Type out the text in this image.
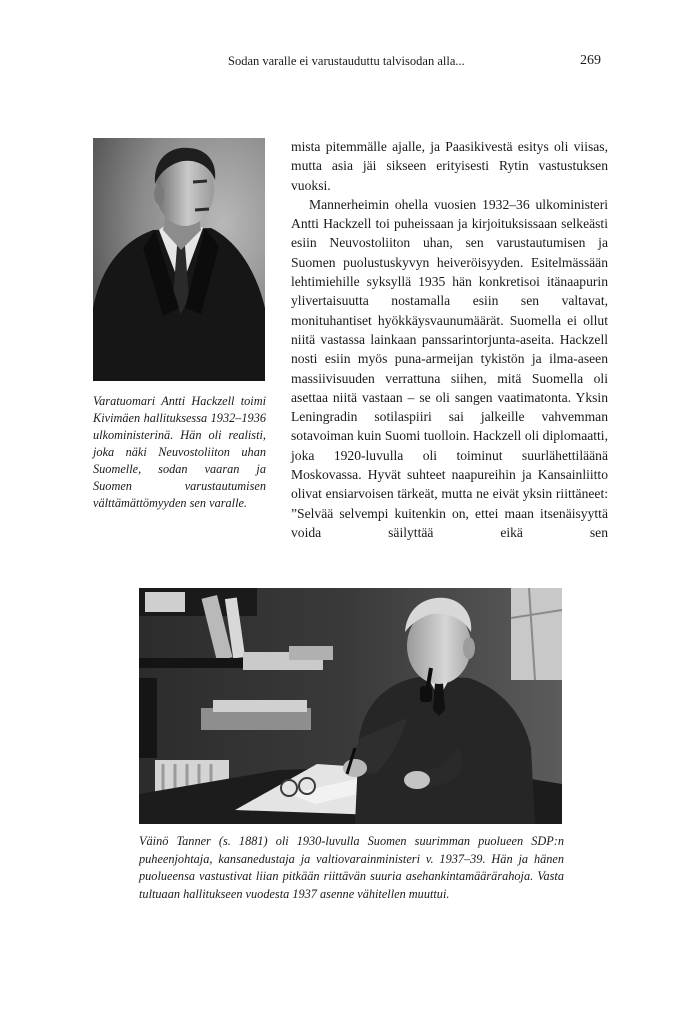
Sodan varalle ei varustauduttu talvisodan alla...	269
Varatuomari Antti Hackzell toimi Kivimäen hallituksessa 1932–1936 ulkoministerinä. Hän oli realisti, joka näki Neuvostoliiton uhan Suomelle, sodan vaaran ja Suomen varustautumisen välttämättömyyden sen varalle.

mista pitemmälle ajalle, ja Paasikivestä esitys oli viisas, mutta asia jäi sikseen erityisesti Rytin vastustuksen vuoksi.

Mannerheimin ohella vuosien 1932–36 ulkoministeri Antti Hackzell toi puheissaan ja kirjoituksissaan selkeästi esiin Neuvostoliiton uhan, sen varustautumisen ja Suomen puolustuskyvyn heiveröisyyden. Esitelmässään lehtimiehille syksyllä 1935 hän konkretisoi itänaapurin ylivertaisuutta nostamalla esiin sen valtavat, monituhantiset hyökkäysvaunumäärät. Suomella ei ollut niitä vastassa lainkaan panssarintorjunta-aseita. Hackzell nosti esiin myös puna-armeijan tykistön ja ilma-aseen massiivisuuden verrattuna siihen, mitä Suomella oli asettaa niitä vastaan – se oli sangen vaatimatonta. Yksin Leningradin sotilaspiiri sai jalkeille vahvemman sotavoiman kuin Suomi tuolloin. Hackzell oli diplomaatti, joka 1920-luvulla oli toiminut suurlähettiläänä Moskovassa. Hyvät suhteet naapureihin ja Kansainliitto olivat ensiarvoisen tärkeät, mutta ne eivät yksin riittäneet: ”Selvää selvempi kuitenkin on, ettei maan itsenäisyyttä voida säilyttää eikä sen

Väinö Tanner (s. 1881) oli 1930-luvulla Suomen suurimman puolueen SDP:n puheenjohtaja, kansanedustaja ja valtiovarainministeri v. 1937–39. Hän ja hänen puolueensa vastustivat liian pitkään riittävän suuria asehankintamäärärahoja. Vasta tultuaan hallitukseen vuodesta 1937 asenne vähitellen muuttui.
